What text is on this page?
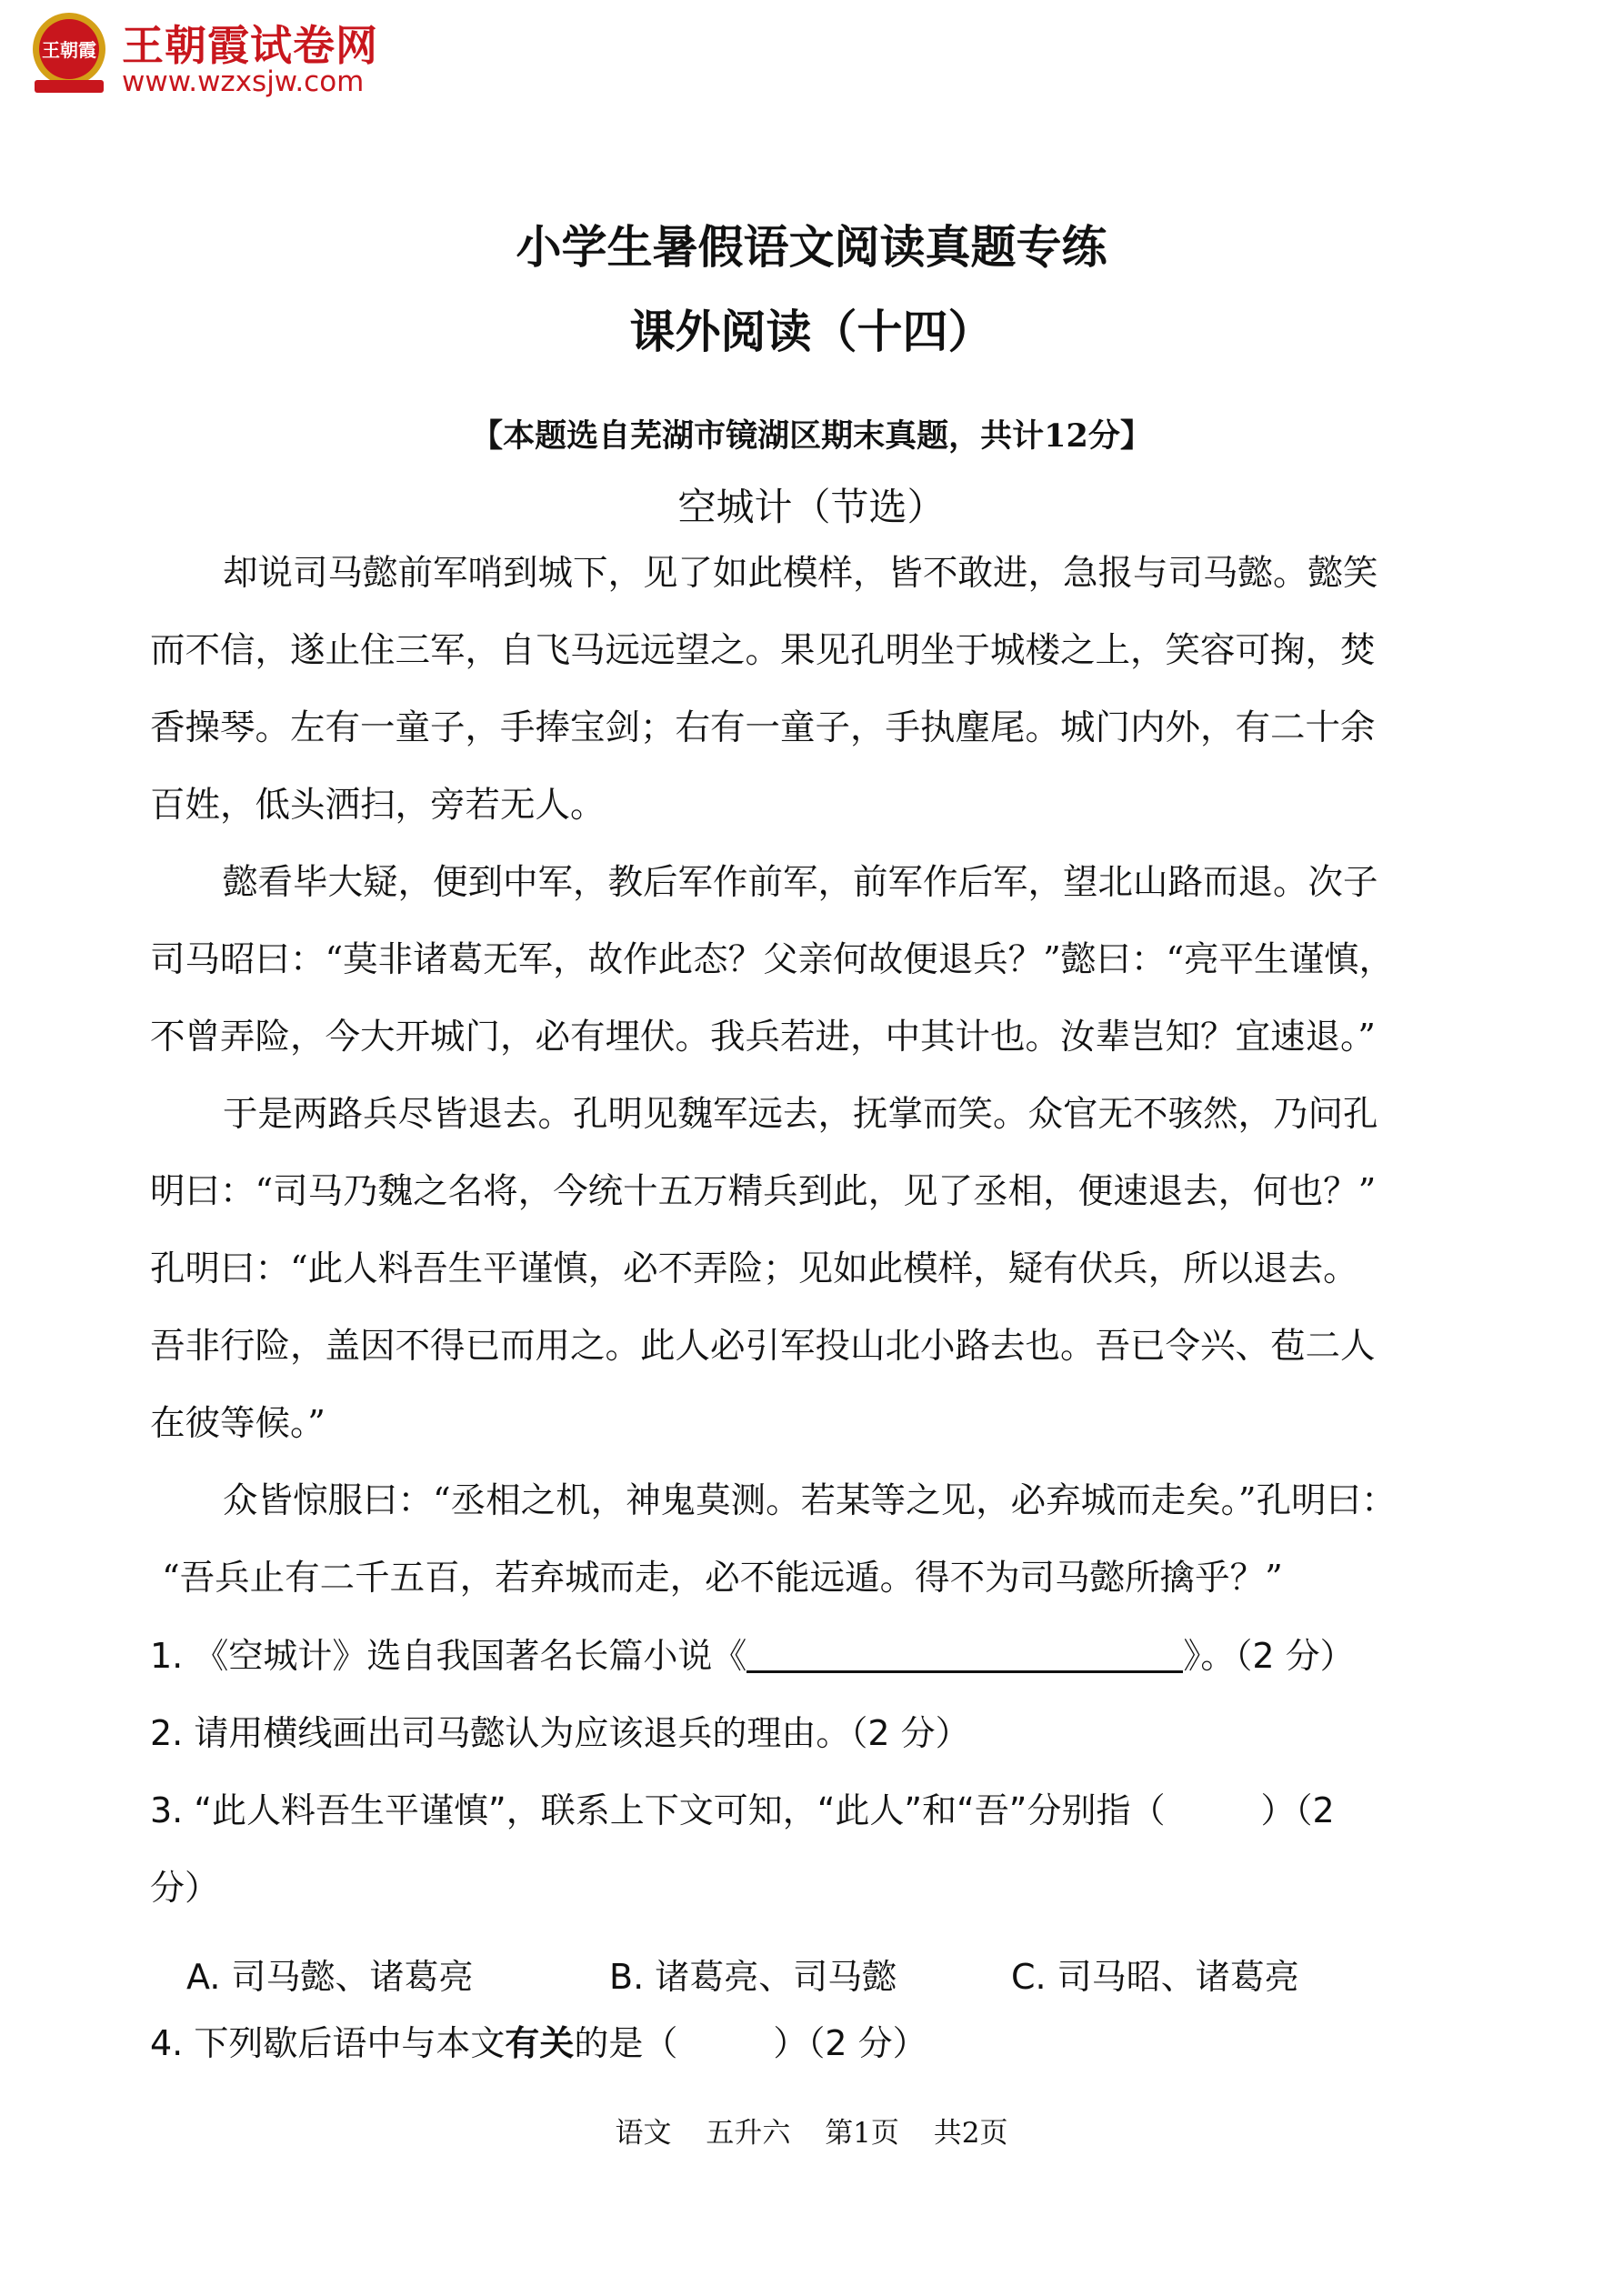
王朝霞 王朝霞试卷网
www.wzxsjw.com
小学生暑假语文阅读真题专练
课外阅读（十四）
【本题选自芜湖市镜湖区期末真题，共计12分】
空城计（节选）
却说司马懿前军哨到城下，见了如此模样，皆不敢进，急报与司马懿。懿笑
而不信，遂止住三军，自飞马远远望之。果见孔明坐于城楼之上，笑容可掬，焚
香操琴。左有一童子，手捧宝剑；右有一童子，手执麈尾。城门内外，有二十余
百姓，低头洒扫，旁若无人。
懿看毕大疑，便到中军，教后军作前军，前军作后军，望北山路而退。次子
司马昭曰：“莫非诸葛无军，故作此态？父亲何故便退兵？”懿曰：“亮平生谨慎，
不曾弄险，今大开城门，必有埋伏。我兵若进，中其计也。汝辈岂知？宜速退。”
于是两路兵尽皆退去。孔明见魏军远去，抚掌而笑。众官无不骇然，乃问孔
明曰：“司马乃魏之名将，今统十五万精兵到此，见了丞相，便速退去，何也？”
孔明曰：“此人料吾生平谨慎，必不弄险；见如此模样，疑有伏兵，所以退去。
吾非行险，盖因不得已而用之。此人必引军投山北小路去也。吾已令兴、苞二人
在彼等候。”
众皆惊服曰：“丞相之机，神鬼莫测。若某等之见，必弃城而走矣。”孔明曰：
“吾兵止有二千五百，若弃城而走，必不能远遁。得不为司马懿所擒乎？”
1. 《空城计》选自我国著名长篇小说《	》。（2 分）
2. 请用横线画出司马懿认为应该退兵的理由。（2 分）
3. “此人料吾生平谨慎”，联系上下文可知，“此人”和“吾”分别指（	）（2
分）
A. 司马懿、诸葛亮	B. 诸葛亮、司马懿	C. 司马昭、诸葛亮
4. 下列歇后语中与本文有关的是（	）（2 分）
语文 五升六 第1页 共2页
